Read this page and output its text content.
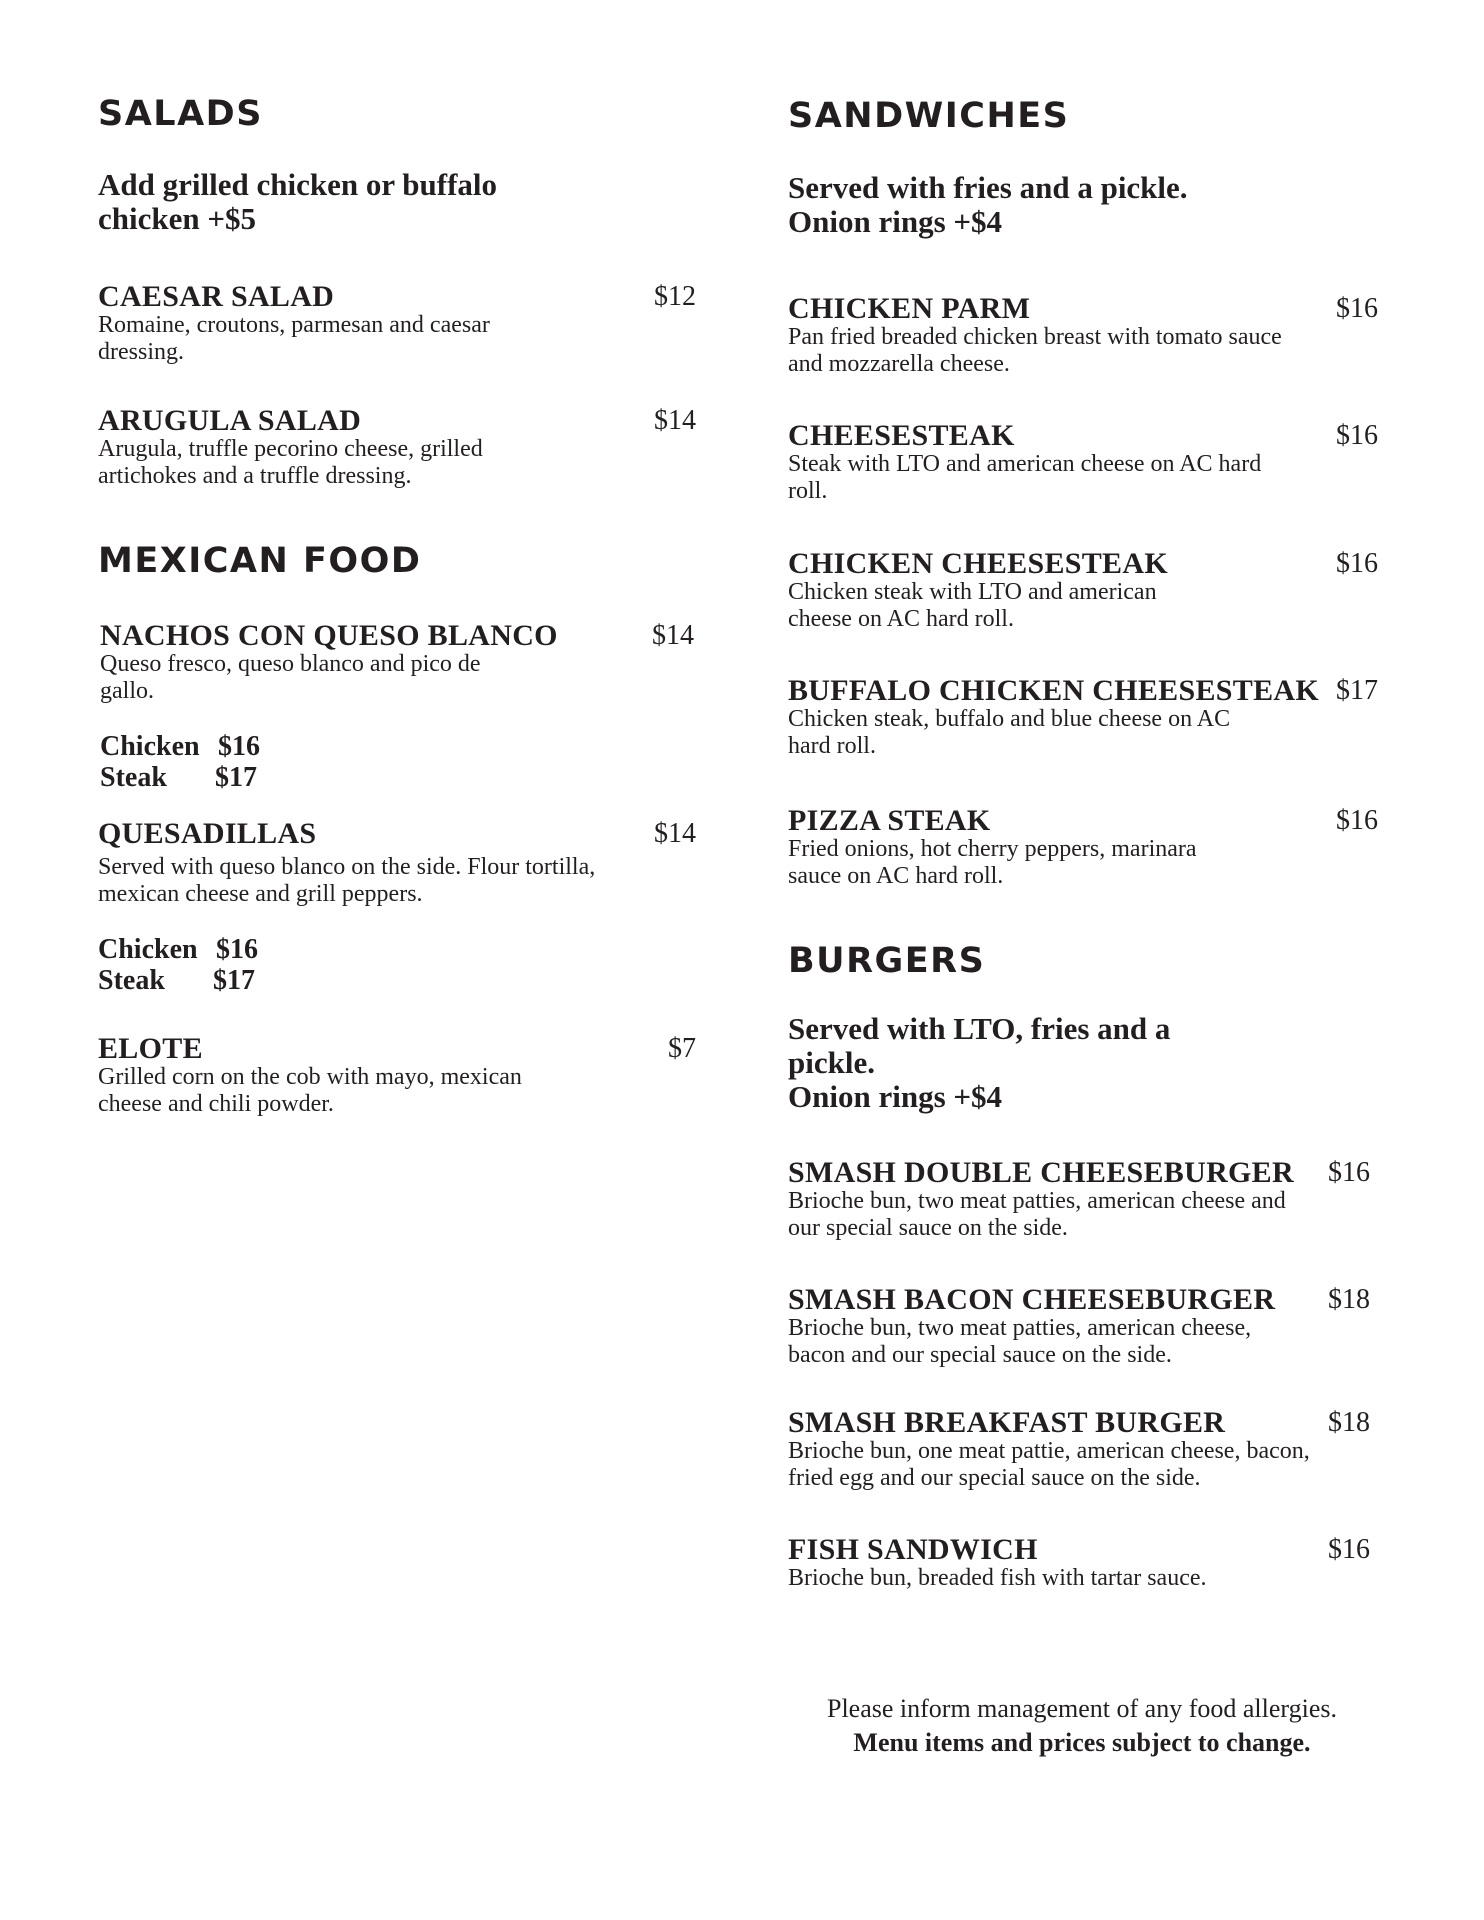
SALADS

Add grilled chicken or buffalo chicken +$5

CAESAR SALAD	$12

Romaine, croutons, parmesan and caesar dressing.

ARUGULA SALAD	$14

Arugula, truffle pecorino cheese, grilled artichokes and a truffle dressing.

MEXICAN FOOD
NACHOS CON QUESO BLANCO	$14

Queso fresco, queso blanco and pico de gallo.

Chicken $16
Steak $17
QUESADILLAS	$14

Served with queso blanco on the side. Flour tortilla, mexican cheese and grill peppers.

Chicken $16
Steak $17
ELOTE	$7

Grilled corn on the cob with mayo, mexican cheese and chili powder.

SANDWICHES

Served with fries and a pickle.
Onion rings +$4

CHICKEN PARM	$16

Pan fried breaded chicken breast with tomato sauce and mozzarella cheese.

CHEESESTEAK	$16

Steak with LTO and american cheese on AC hard roll.

CHICKEN CHEESESTEAK	$16

Chicken steak with LTO and american cheese on AC hard roll.

BUFFALO CHICKEN CHEESESTEAK $17

Chicken steak, buffalo and blue cheese on AC hard roll.

PIZZA STEAK	$16

Fried onions, hot cherry peppers, marinara sauce on AC hard roll.

BURGERS

Served with LTO, fries and a pickle.
Onion rings +$4

SMASH DOUBLE CHEESEBURGER	$16

Brioche bun, two meat patties, american cheese and our special sauce on the side.

SMASH BACON CHEESEBURGER	$18

Brioche bun, two meat patties, american cheese, bacon and our special sauce on the side.

SMASH BREAKFAST BURGER	$18

Brioche bun, one meat pattie, american cheese, bacon, fried egg and our special sauce on the side.

FISH SANDWICH	$16

Brioche bun, breaded fish with tartar sauce.

Please inform management of any food allergies.
Menu items and prices subject to change.
